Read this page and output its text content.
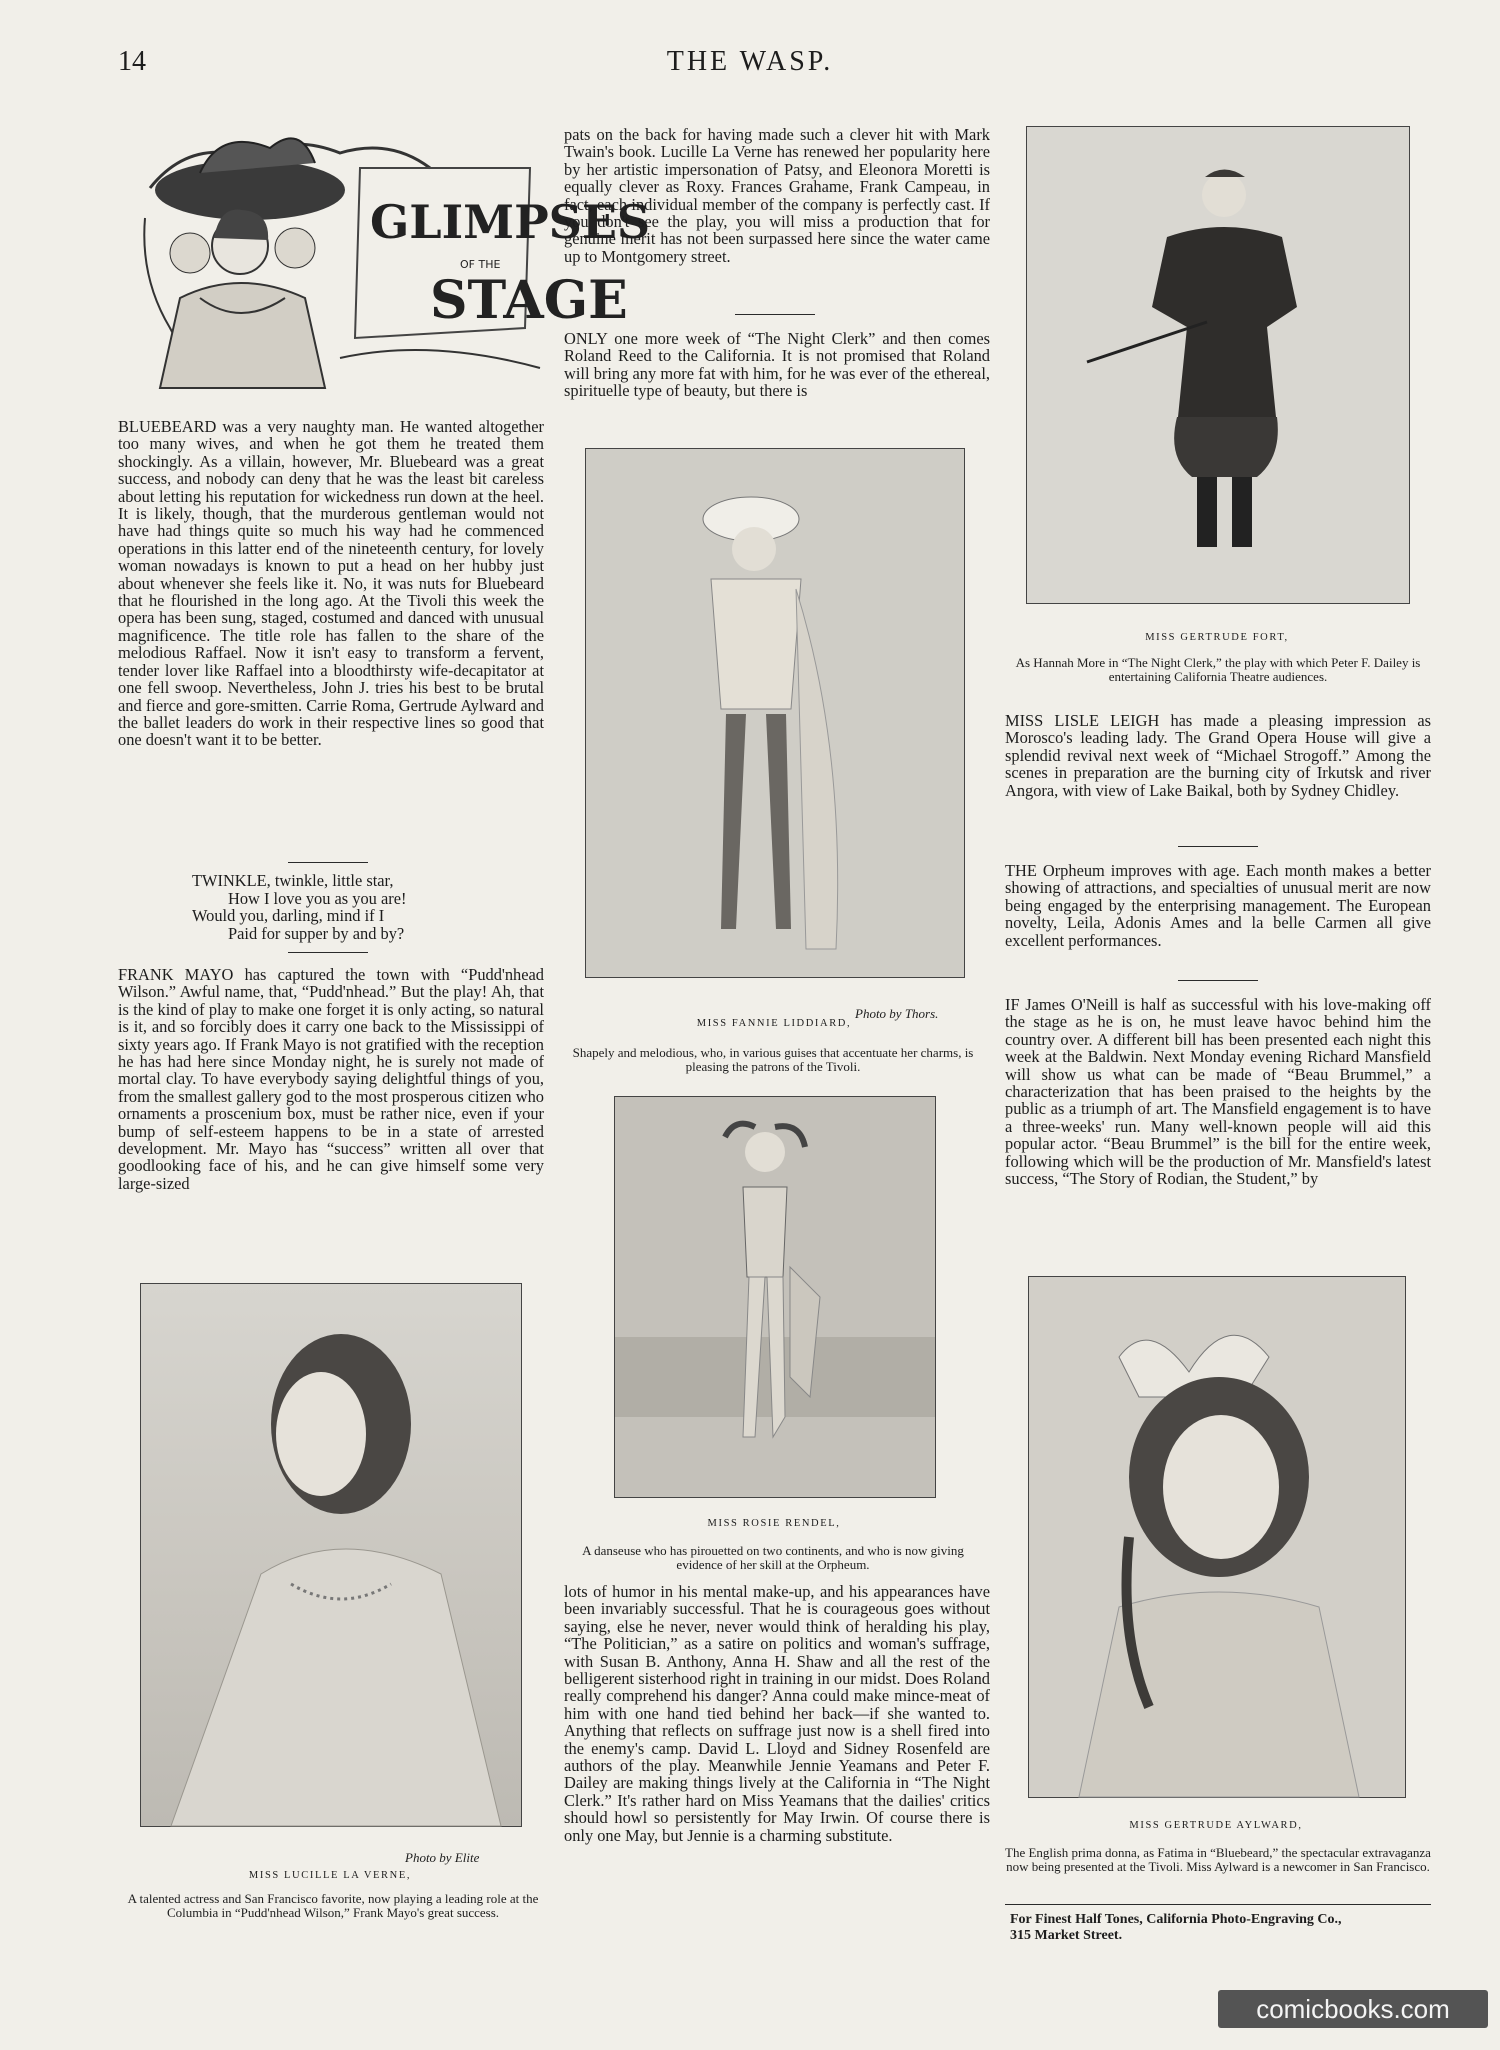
14	THE WASP.
GLIMPSES
OF THE
STAGE

BLUEBEARD was a very naughty man. He wanted altogether too many wives, and when he got them he treated them shockingly. As a villain, however, Mr. Bluebeard was a great success, and nobody can deny that he was the least bit careless about letting his reputation for wickedness run down at the heel. It is likely, though, that the murderous gentleman would not have had things quite so much his way had he commenced operations in this latter end of the nineteenth century, for lovely woman nowadays is known to put a head on her hubby just about whenever she feels like it. No, it was nuts for Bluebeard that he flourished in the long ago. At the Tivoli this week the opera has been sung, staged, costumed and danced with unusual magnificence. The title role has fallen to the share of the melodious Raffael. Now it isn't easy to transform a fervent, tender lover like Raffael into a bloodthirsty wife-decapitator at one fell swoop. Nevertheless, John J. tries his best to be brutal and fierce and gore-smitten. Carrie Roma, Gertrude Aylward and the ballet leaders do work in their respective lines so good that one doesn't want it to be better.

TWINKLE, twinkle, little star,
How I love you as you are!
Would you, darling, mind if I
Paid for supper by and by?

FRANK MAYO has captured the town with “Pudd'nhead Wilson.” Awful name, that, “Pudd'nhead.” But the play! Ah, that is the kind of play to make one forget it is only acting, so natural is it, and so forcibly does it carry one back to the Mississippi of sixty years ago. If Frank Mayo is not gratified with the reception he has had here since Monday night, he is surely not made of mortal clay. To have everybody saying delightful things of you, from the smallest gallery god to the most prosperous citizen who ornaments a proscenium box, must be rather nice, even if your bump of self-esteem happens to be in a state of arrested development. Mr. Mayo has “success” written all over that goodlooking face of his, and he can give himself some very large-sized

Photo by Elite
MISS LUCILLE LA VERNE,
A talented actress and San Francisco favorite, now playing a leading role at the Columbia in “Pudd'nhead Wilson,” Frank Mayo's great success.

pats on the back for having made such a clever hit with Mark Twain's book. Lucille La Verne has renewed her popularity here by her artistic impersonation of Patsy, and Eleonora Moretti is equally clever as Roxy. Frances Grahame, Frank Campeau, in fact, each individual member of the company is perfectly cast. If you don't see the play, you will miss a production that for genuine merit has not been surpassed here since the water came up to Montgomery street.

ONLY one more week of “The Night Clerk” and then comes Roland Reed to the California. It is not promised that Roland will bring any more fat with him, for he was ever of the ethereal, spirituelle type of beauty, but there is

Photo by Thors.
MISS FANNIE LIDDIARD,
Shapely and melodious, who, in various guises that accentuate her charms, is pleasing the patrons of the Tivoli.
MISS ROSIE RENDEL,
A danseuse who has pirouetted on two continents, and who is now giving evidence of her skill at the Orpheum.

lots of humor in his mental make-up, and his appearances have been invariably successful. That he is courageous goes without saying, else he never, never would think of heralding his play, “The Politician,” as a satire on politics and woman's suffrage, with Susan B. Anthony, Anna H. Shaw and all the rest of the belligerent sisterhood right in training in our midst. Does Roland really comprehend his danger? Anna could make mince-meat of him with one hand tied behind her back—if she wanted to. Anything that reflects on suffrage just now is a shell fired into the enemy's camp. David L. Lloyd and Sidney Rosenfeld are authors of the play. Meanwhile Jennie Yeamans and Peter F. Dailey are making things lively at the California in “The Night Clerk.” It's rather hard on Miss Yeamans that the dailies' critics should howl so persistently for May Irwin. Of course there is only one May, but Jennie is a charming substitute.

MISS GERTRUDE FORT,
As Hannah More in “The Night Clerk,” the play with which Peter F. Dailey is entertaining California Theatre audiences.

MISS LISLE LEIGH has made a pleasing impression as Morosco's leading lady. The Grand Opera House will give a splendid revival next week of “Michael Strogoff.” Among the scenes in preparation are the burning city of Irkutsk and river Angora, with view of Lake Baikal, both by Sydney Chidley.

THE Orpheum improves with age. Each month makes a better showing of attractions, and specialties of unusual merit are now being engaged by the enterprising management. The European novelty, Leila, Adonis Ames and la belle Carmen all give excellent performances.

IF James O'Neill is half as successful with his love-making off the stage as he is on, he must leave havoc behind him the country over. A different bill has been presented each night this week at the Baldwin. Next Monday evening Richard Mansfield will show us what can be made of “Beau Brummel,” a characterization that has been praised to the heights by the public as a triumph of art. The Mansfield engagement is to have a three-weeks' run. Many well-known people will aid this popular actor. “Beau Brummel” is the bill for the entire week, following which will be the production of Mr. Mansfield's latest success, “The Story of Rodian, the Student,” by

MISS GERTRUDE AYLWARD,
The English prima donna, as Fatima in “Bluebeard,” the spectacular extravaganza now being presented at the Tivoli. Miss Aylward is a newcomer in San Francisco.
For Finest Half Tones, California Photo-Engraving Co.,
315 Market Street.
comicbooks.com
